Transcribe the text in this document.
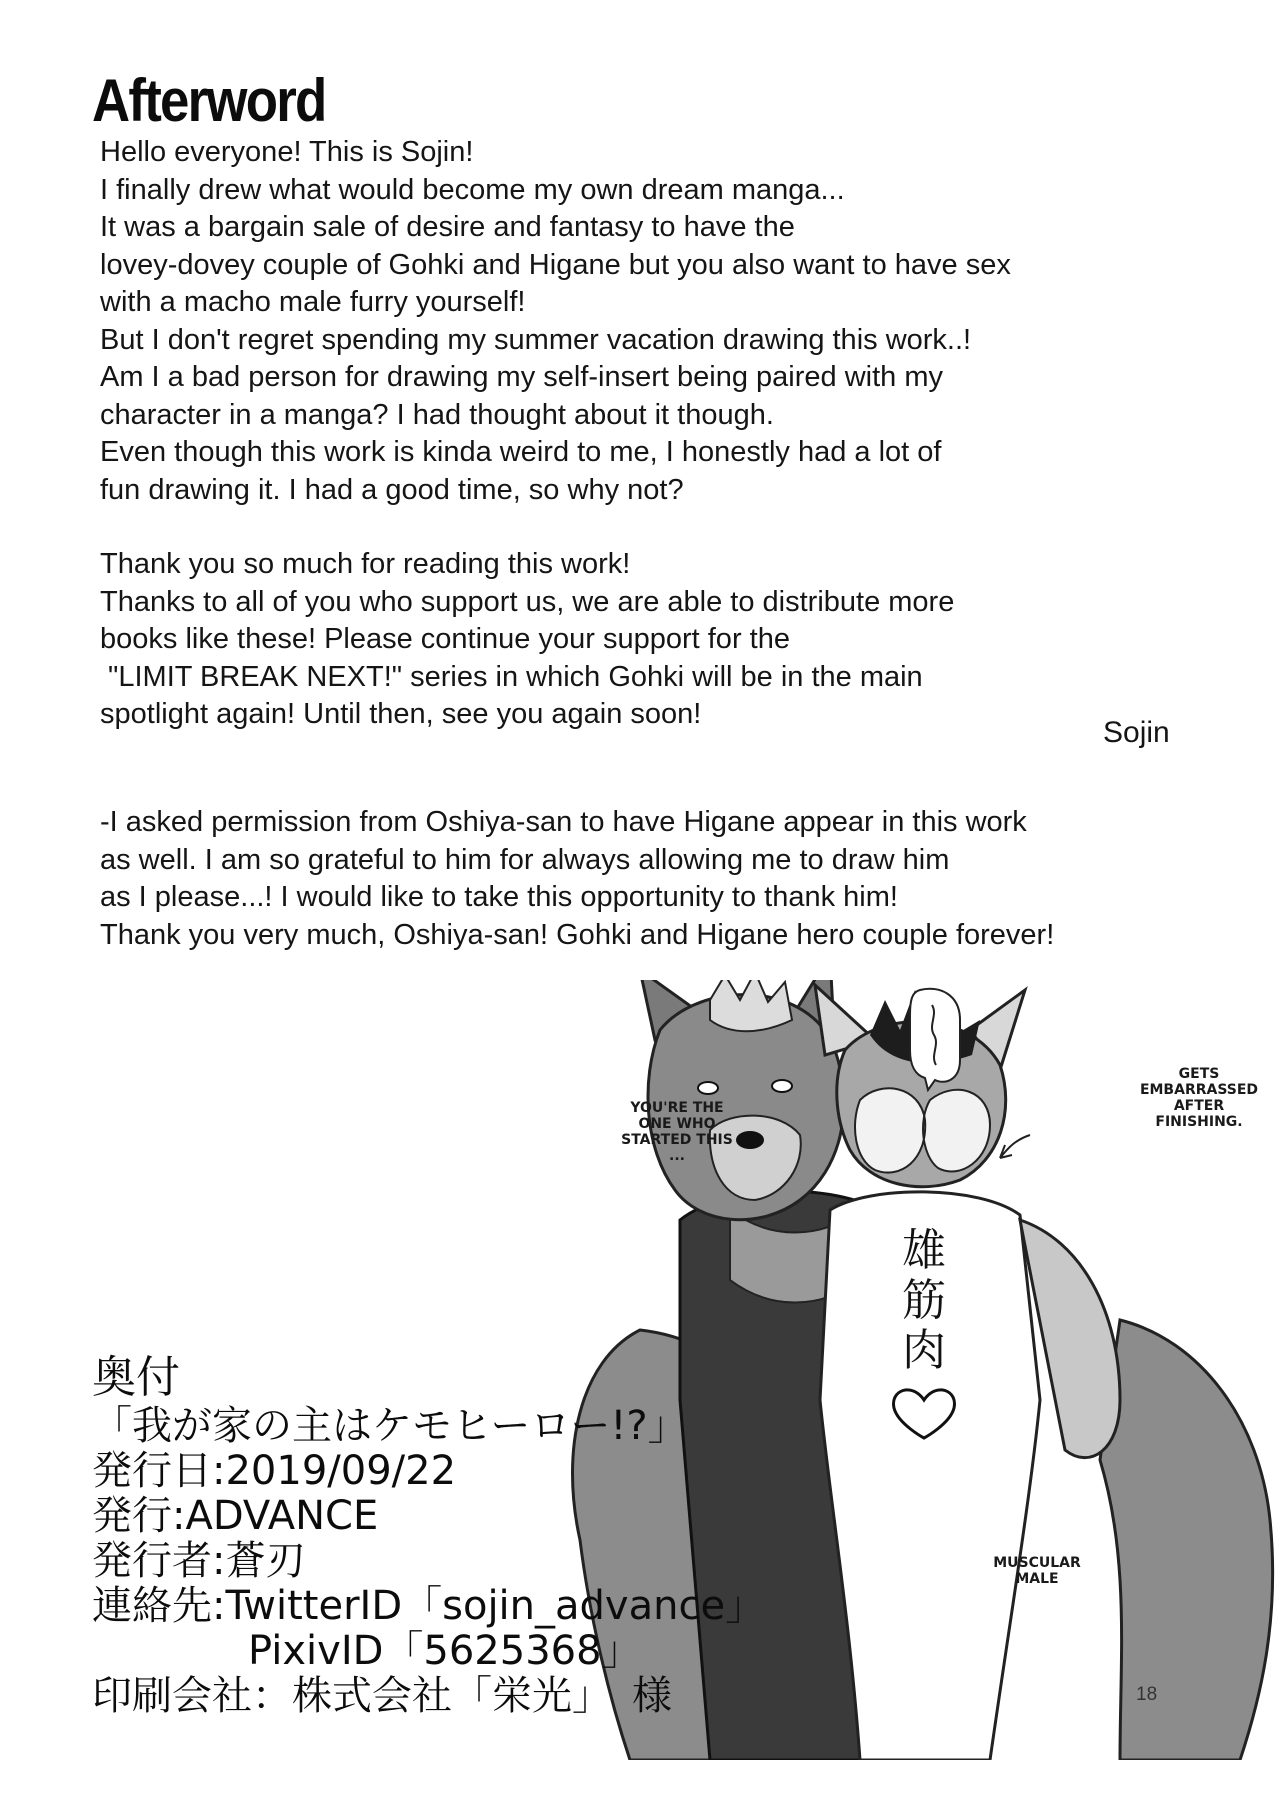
Afterword

Hello everyone! This is Sojin!
I finally drew what would become my own dream manga...
It was a bargain sale of desire and fantasy to have the
lovey-dovey couple of Gohki and Higane but you also want to have sex
with a macho male furry yourself!
But I don't regret spending my summer vacation drawing this work..!
Am I a bad person for drawing my self-insert being paired with my
character in a manga? I had thought about it though.
Even though this work is kinda weird to me, I honestly had a lot of
fun drawing it. I had a good time, so why not?

Thank you so much for reading this work!
Thanks to all of you who support us, we are able to distribute more
books like these! Please continue your support for the
"LIMIT BREAK NEXT!" series in which Gohki will be in the main
spotlight again! Until then, see you again soon!

Sojin

-I asked permission from Oshiya-san to have Higane appear in this work
as well. I am so grateful to him for always allowing me to draw him
as I please...! I would like to take this opportunity to thank him!
Thank you very much, Oshiya-san! Gohki and Higane hero couple forever!

雄
筋
肉
YOU'RE THE ONE WHO STARTED THIS ...
GETS EMBARRASSED AFTER FINISHING.
MUSCULAR MALE
奥付
「我が家の主はケモヒーロー!?」
発行日:2019/09/22
発行:ADVANCE
発行者:蒼刃
連絡先:TwitterID「sojin_advance」
PixivID「5625368」
印刷会社：株式会社「栄光」　様	18
